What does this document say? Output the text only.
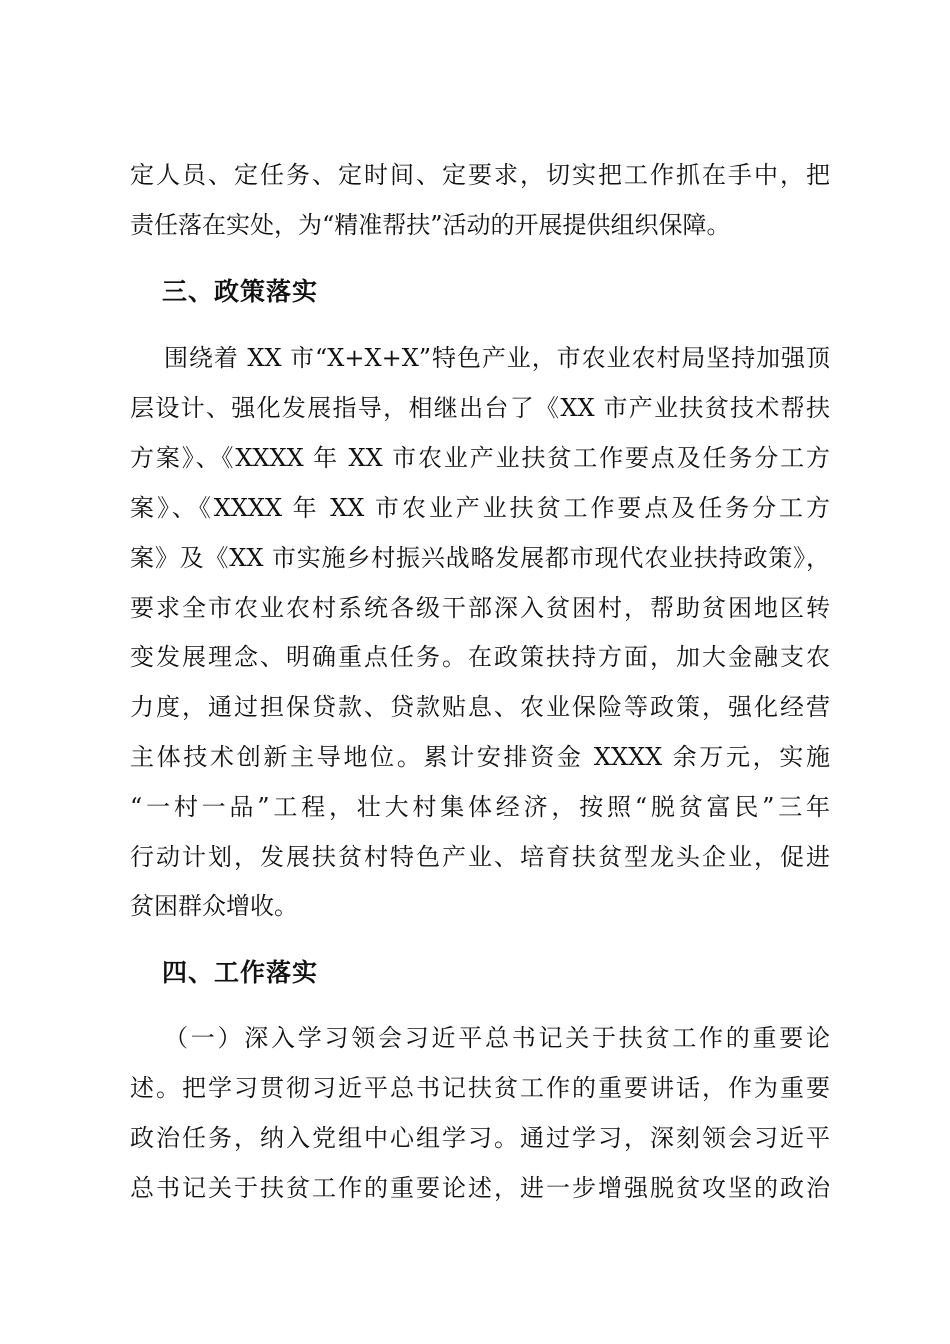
定人员、定任务、定时间、定要求，切实把工作抓在手中，把
责任落在实处，为“精准帮扶”活动的开展提供组织保障。
三、政策落实
围绕着 XX 市“X+X+X”特色产业，市农业农村局坚持加强顶
层设计、强化发展指导，相继出台了《XX 市产业扶贫技术帮扶
方案》、《XXXX 年 XX 市农业产业扶贫工作要点及任务分工方
案》、《XXXX 年 XX 市农业产业扶贫工作要点及任务分工方
案》及《XX 市实施乡村振兴战略发展都市现代农业扶持政策》，
要求全市农业农村系统各级干部深入贫困村，帮助贫困地区转
变发展理念、明确重点任务。在政策扶持方面，加大金融支农
力度，通过担保贷款、贷款贴息、农业保险等政策，强化经营
主体技术创新主导地位。累计安排资金 XXXX 余万元，实施
“一村一品”工程，壮大村集体经济，按照“脱贫富民”三年
行动计划，发展扶贫村特色产业、培育扶贫型龙头企业，促进
贫困群众增收。
四、工作落实
（一）深入学习领会习近平总书记关于扶贫工作的重要论
述。把学习贯彻习近平总书记扶贫工作的重要讲话，作为重要
政治任务，纳入党组中心组学习。通过学习，深刻领会习近平
总书记关于扶贫工作的重要论述，进一步增强脱贫攻坚的政治
